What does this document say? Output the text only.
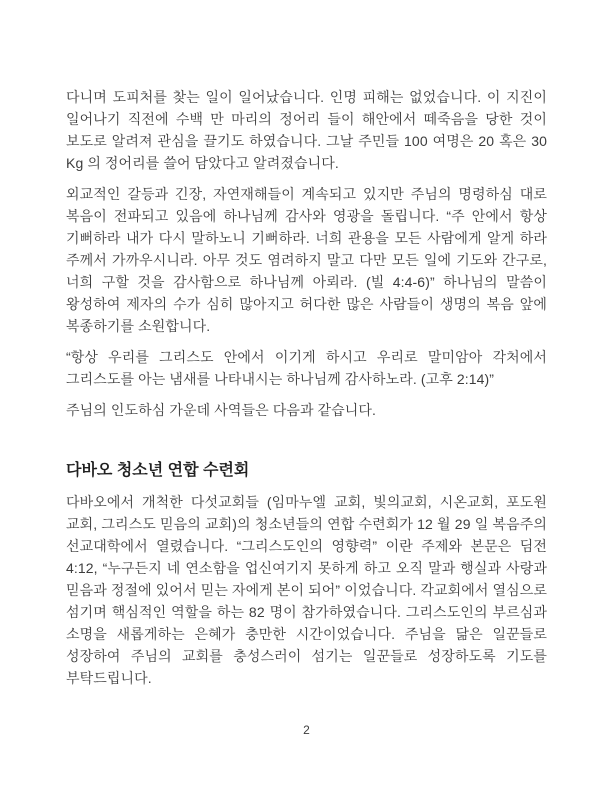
다니며 도피처를 찾는 일이 일어났습니다. 인명 피해는 없었습니다. 이 지진이 일어나기 직전에 수백 만 마리의 정어리 들이 해안에서 떼죽음을 당한 것이 보도로 알려져 관심을 끌기도 하였습니다. 그날 주민들 100 여명은 20 혹은 30 Kg 의 정어리를 쓸어 담았다고 알려졌습니다.

외교적인 갈등과 긴장, 자연재해들이 계속되고 있지만 주님의 명령하심 대로 복음이 전파되고 있음에 하나님께 감사와 영광을 돌립니다. “주 안에서 항상 기뻐하라 내가 다시 말하노니 기뻐하라. 너희 관용을 모든 사람에게 알게 하라 주께서 가까우시니라. 아무 것도 염려하지 말고 다만 모든 일에 기도와 간구로, 너희 구할 것을 감사함으로 하나님께 아뢰라. (빌 4:4-6)” 하나님의 말씀이 왕성하여 제자의 수가 심히 많아지고 허다한 많은 사람들이 생명의 복음 앞에 복종하기를 소원합니다.

“항상 우리를 그리스도 안에서 이기게 하시고 우리로 말미암아 각처에서 그리스도를 아는 냄새를 나타내시는 하나님께 감사하노라. (고후 2:14)”

주님의 인도하심 가운데 사역들은 다음과 같습니다.

다바오 청소년 연합 수련회

다바오에서 개척한 다섯교회들 (임마누엘 교회, 빛의교회, 시온교회, 포도원 교회, 그리스도 믿음의 교회)의 청소년들의 연합 수련회가 12 월 29 일 복음주의 선교대학에서 열렸습니다. “그리스도인의 영향력” 이란 주제와 본문은 딤전 4:12, “누구든지 네 연소함을 업신여기지 못하게 하고 오직 말과 행실과 사랑과 믿음과 정절에 있어서 믿는 자에게 본이 되어” 이었습니다. 각교회에서 열심으로 섬기며 핵심적인 역할을 하는 82 명이 참가하였습니다. 그리스도인의 부르심과 소명을 새롭게하는 은혜가 충만한 시간이었습니다. 주님을 닮은 일꾼들로 성장하여 주님의 교회를 충성스러이 섬기는 일꾼들로 성장하도록 기도를 부탁드립니다.

2
